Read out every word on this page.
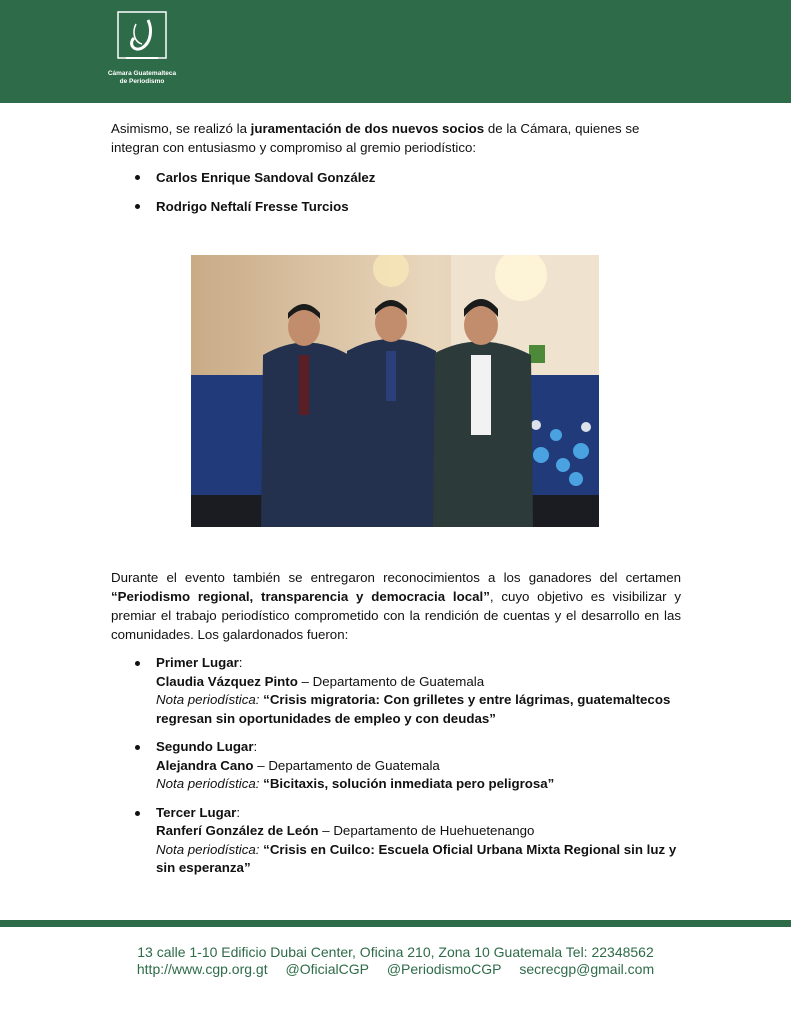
Cámara Guatemalteca
de Periodismo
Asimismo, se realizó la juramentación de dos nuevos socios de la Cámara, quienes se integran con entusiasmo y compromiso al gremio periodístico:
Carlos Enrique Sandoval González
Rodrigo Neftalí Fresse Turcios
Durante el evento también se entregaron reconocimientos a los ganadores del certamen “Periodismo regional, transparencia y democracia local”, cuyo objetivo es visibilizar y premiar el trabajo periodístico comprometido con la rendición de cuentas y el desarrollo en las comunidades. Los galardonados fueron:
Primer Lugar:
Claudia Vázquez Pinto – Departamento de Guatemala
Nota periodística: “Crisis migratoria: Con grilletes y entre lágrimas, guatemaltecos regresan sin oportunidades de empleo y con deudas”
Segundo Lugar:
Alejandra Cano – Departamento de Guatemala
Nota periodística: “Bicitaxis, solución inmediata pero peligrosa”
Tercer Lugar:
Ranferí González de León – Departamento de Huehuetenango
Nota periodística: “Crisis en Cuilco: Escuela Oficial Urbana Mixta Regional sin luz y sin esperanza”
13 calle 1-10 Edificio Dubai Center, Oficina 210, Zona 10 Guatemala Tel: 22348562
http://www.cgp.org.gt @OficialCGP @PeriodismoCGP secrecgp@gmail.com
